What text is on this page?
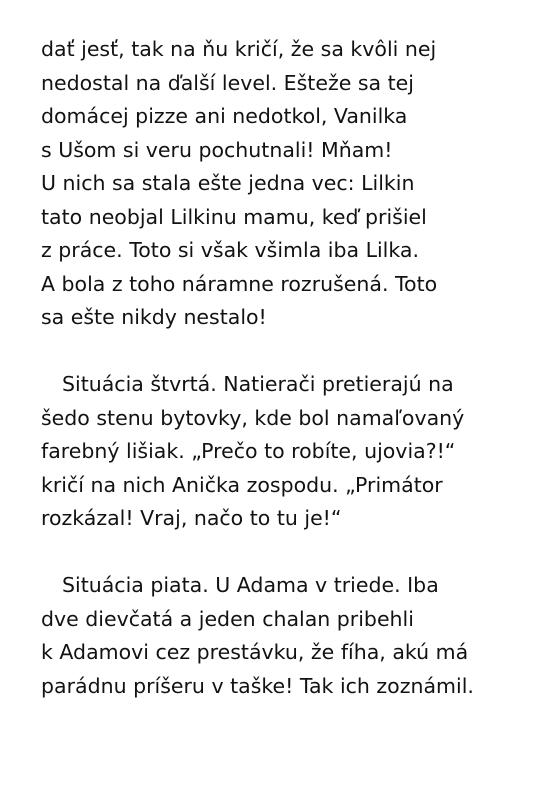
dať jesť, tak na ňu kričí, že sa kvôli nej
nedostal na ďalší level. Ešteže sa tej
domácej pizze ani nedotkol, Vanilka
s Ušom si veru pochutnali! Mňam!
U nich sa stala ešte jedna vec: Lilkin
tato neobjal Lilkinu mamu, keď prišiel
z práce. Toto si však všimla iba Lilka.
A bola z toho náramne rozrušená. Toto
sa ešte nikdy nestalo!
Situácia štvrtá. Natierači pretierajú na
šedo stenu bytovky, kde bol namaľovaný
farebný lišiak. „Prečo to robíte, ujovia?!“
kričí na nich Anička zospodu. „Primátor
rozkázal! Vraj, načo to tu je!“
Situácia piata. U Adama v triede. Iba
dve dievčatá a jeden chalan pribehli
k Adamovi cez prestávku, že fíha, akú má
parádnu príšeru v taške! Tak ich zoznámil.
